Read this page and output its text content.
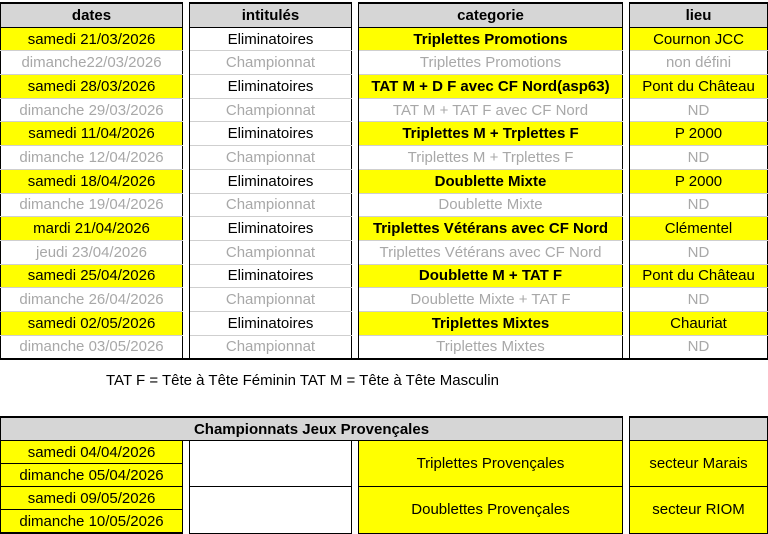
dates		intitulés		categorie		lieu
samedi 21/03/2026		Eliminatoires		Triplettes Promotions		Cournon JCC
dimanche22/03/2026		Championnat		Triplettes Promotions		non défini
samedi 28/03/2026		Eliminatoires		TAT M + D F avec CF Nord(asp63)		Pont du Château
dimanche 29/03/2026		Championnat		TAT M + TAT F avec CF Nord		ND
samedi 11/04/2026		Eliminatoires		Triplettes M + Trplettes F		P 2000
dimanche 12/04/2026		Championnat		Triplettes M + Trplettes F		ND
samedi 18/04/2026		Eliminatoires		Doublette Mixte		P 2000
dimanche 19/04/2026		Championnat		Doublette Mixte		ND
mardi 21/04/2026		Eliminatoires		Triplettes Vétérans avec CF Nord		Clémentel
jeudi 23/04/2026		Championnat		Triplettes Vétérans avec CF Nord		ND
samedi 25/04/2026		Eliminatoires		Doublette M + TAT F		Pont du Château
dimanche 26/04/2026		Championnat		Doublette Mixte + TAT F		ND
samedi 02/05/2026		Eliminatoires		Triplettes Mixtes		Chauriat
dimanche 03/05/2026		Championnat		Triplettes Mixtes		ND
TAT F = Tête à Tête Féminin TAT M = Tête à Tête Masculin
Championnats Jeux Provençales						
samedi 04/04/2026				Triplettes Provençales		secteur Marais
dimanche 05/04/2026						
samedi 09/05/2026				Doublettes Provençales		secteur RIOM
dimanche 10/05/2026						
